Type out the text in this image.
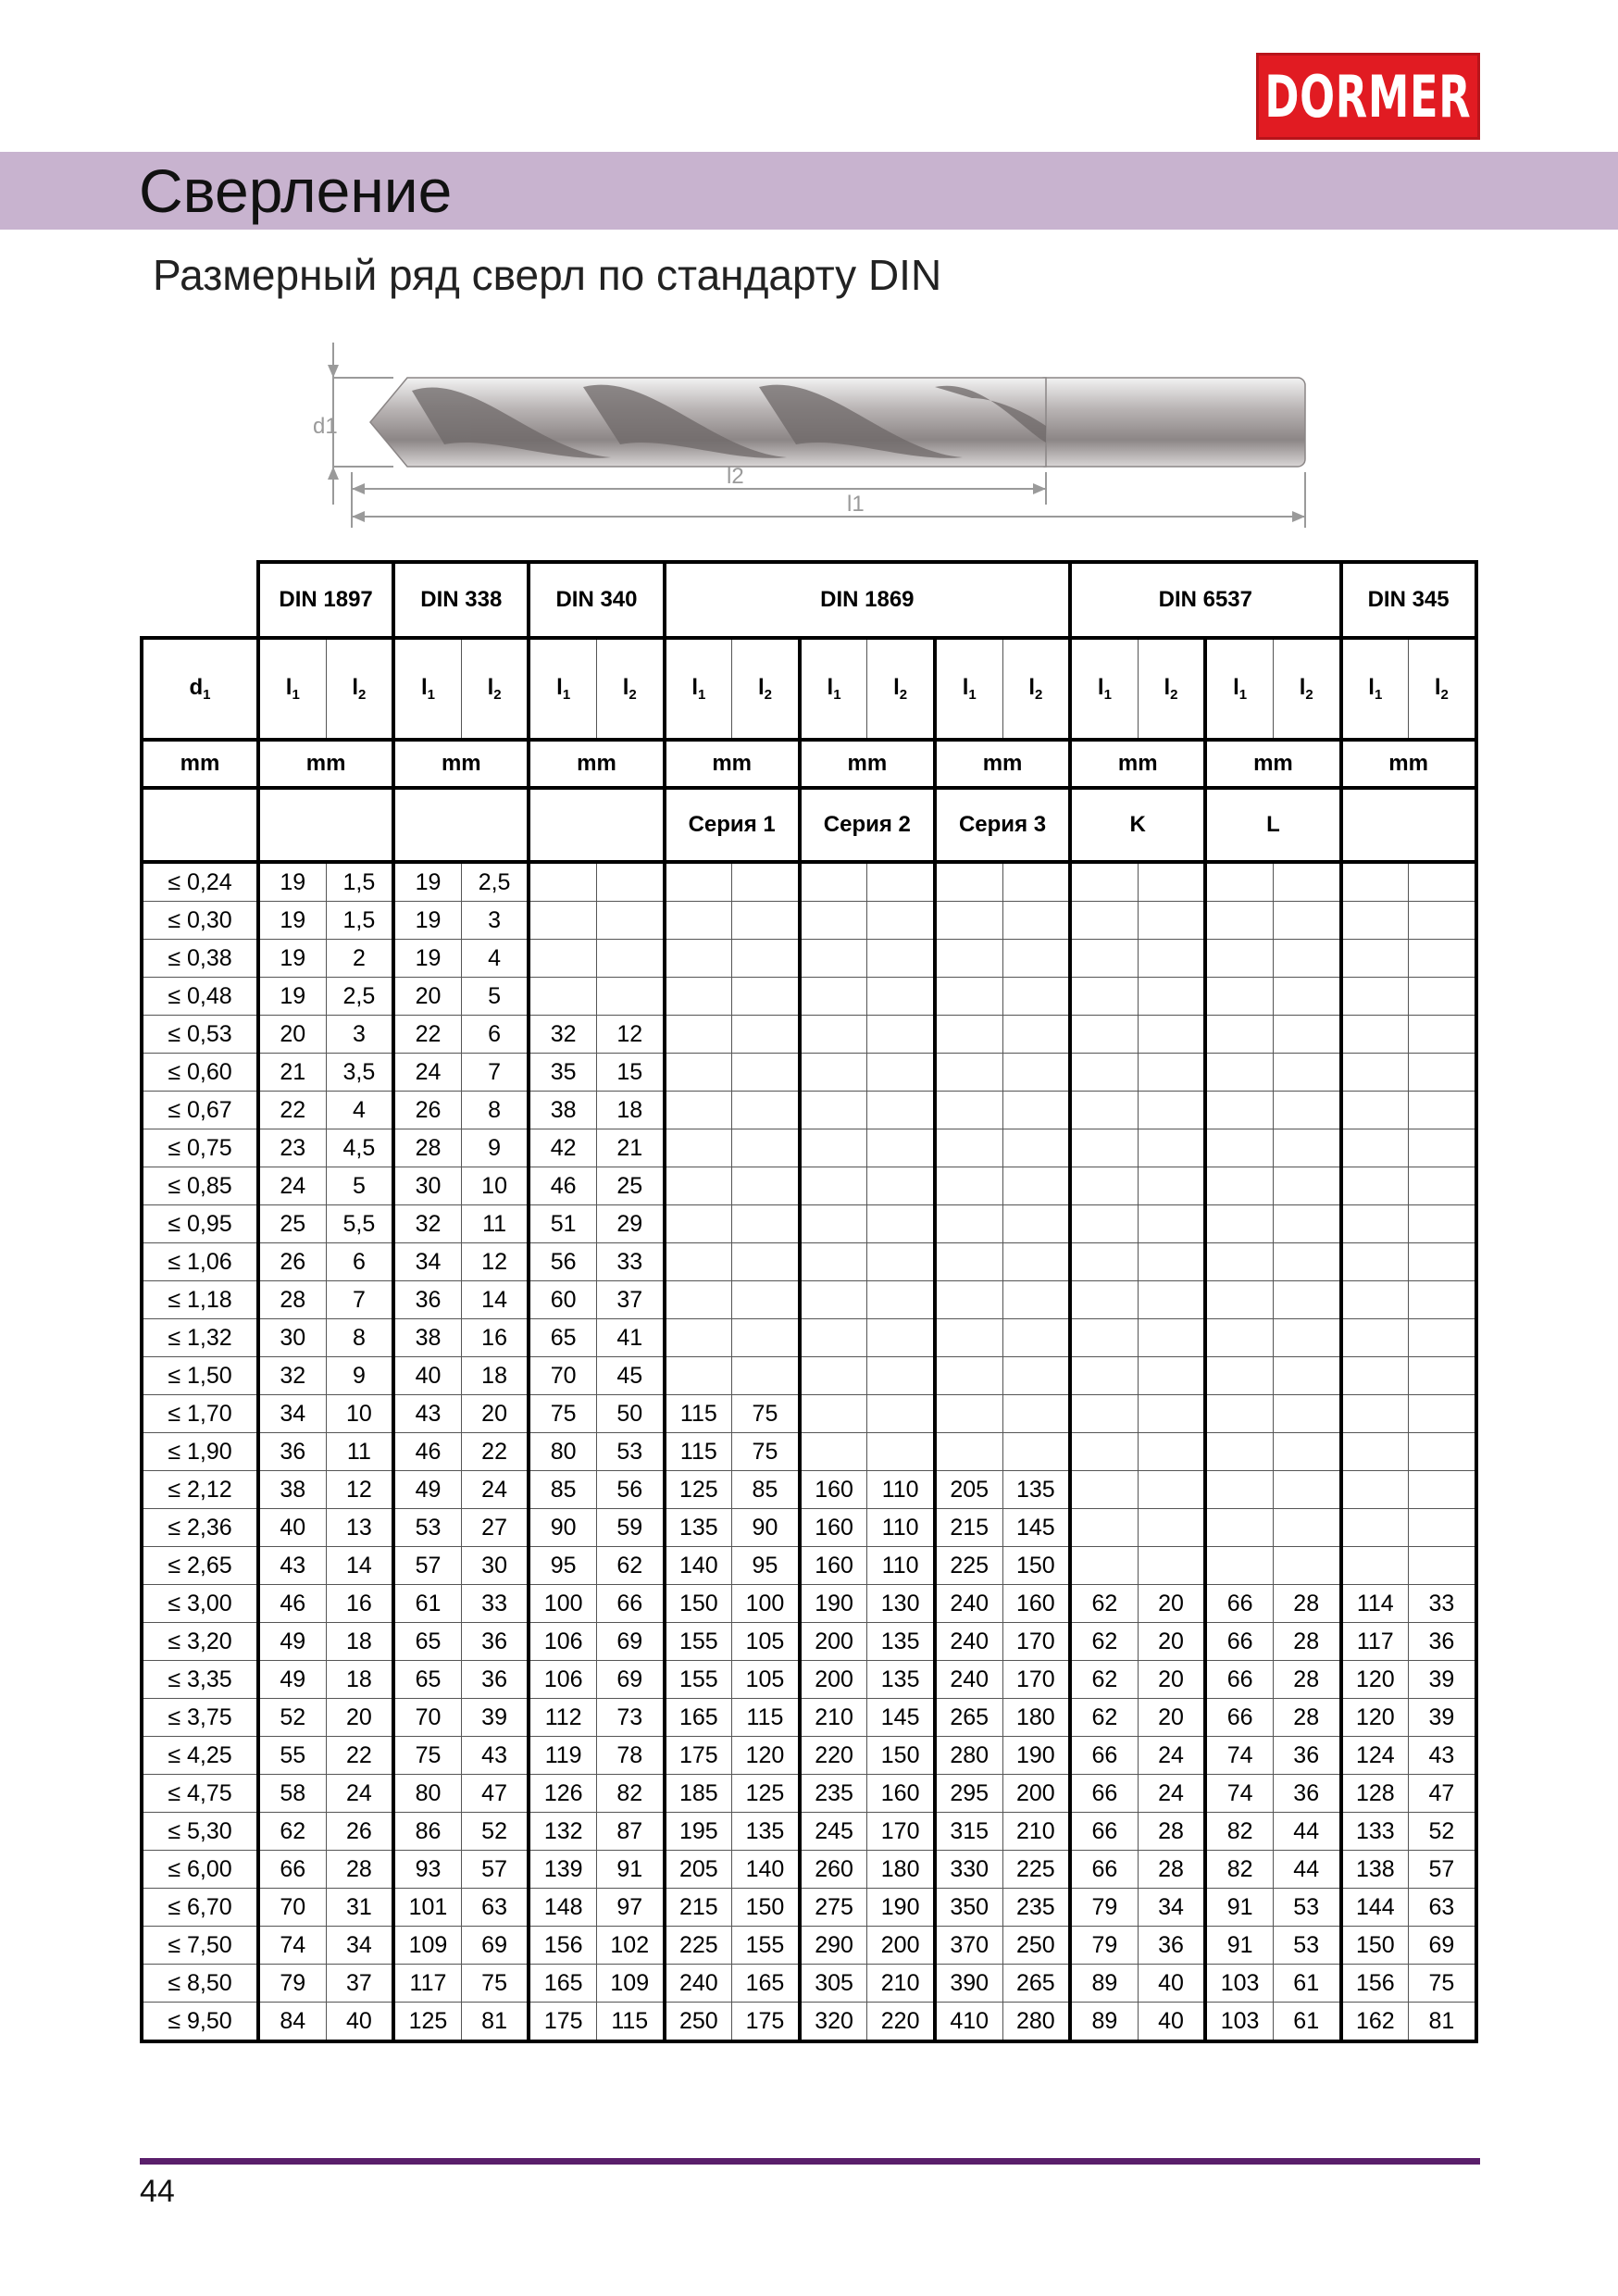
DORMER
Сверление
Размерный ряд сверл по стандарту DIN
d1
l2
l1
	DIN 1897		DIN 338		DIN 340		DIN 1869						DIN 6537				DIN 345	
$d_1$	$l_1$	$l_2$	$l_1$	$l_2$	$l_1$	$l_2$	$l_1$	$l_2$	$l_1$	$l_2$	$l_1$	$l_2$	$l_1$	$l_2$	$l_1$	$l_2$	$l_1$	$l_2$
mm	mm		mm		mm		mm		mm		mm		mm		mm		mm	
							Серия 1		Серия 2		Серия 3		K		L			
≤ 0,24	19	1,5	19	2,5														
≤ 0,30	19	1,5	19	3														
≤ 0,38	19	2	19	4														
≤ 0,48	19	2,5	20	5														
≤ 0,53	20	3	22	6	32	12												
≤ 0,60	21	3,5	24	7	35	15												
≤ 0,67	22	4	26	8	38	18												
≤ 0,75	23	4,5	28	9	42	21												
≤ 0,85	24	5	30	10	46	25												
≤ 0,95	25	5,5	32	11	51	29												
≤ 1,06	26	6	34	12	56	33												
≤ 1,18	28	7	36	14	60	37												
≤ 1,32	30	8	38	16	65	41												
≤ 1,50	32	9	40	18	70	45												
≤ 1,70	34	10	43	20	75	50	115	75										
≤ 1,90	36	11	46	22	80	53	115	75										
≤ 2,12	38	12	49	24	85	56	125	85	160	110	205	135						
≤ 2,36	40	13	53	27	90	59	135	90	160	110	215	145						
≤ 2,65	43	14	57	30	95	62	140	95	160	110	225	150						
≤ 3,00	46	16	61	33	100	66	150	100	190	130	240	160	62	20	66	28	114	33
≤ 3,20	49	18	65	36	106	69	155	105	200	135	240	170	62	20	66	28	117	36
≤ 3,35	49	18	65	36	106	69	155	105	200	135	240	170	62	20	66	28	120	39
≤ 3,75	52	20	70	39	112	73	165	115	210	145	265	180	62	20	66	28	120	39
≤ 4,25	55	22	75	43	119	78	175	120	220	150	280	190	66	24	74	36	124	43
≤ 4,75	58	24	80	47	126	82	185	125	235	160	295	200	66	24	74	36	128	47
≤ 5,30	62	26	86	52	132	87	195	135	245	170	315	210	66	28	82	44	133	52
≤ 6,00	66	28	93	57	139	91	205	140	260	180	330	225	66	28	82	44	138	57
≤ 6,70	70	31	101	63	148	97	215	150	275	190	350	235	79	34	91	53	144	63
≤ 7,50	74	34	109	69	156	102	225	155	290	200	370	250	79	36	91	53	150	69
≤ 8,50	79	37	117	75	165	109	240	165	305	210	390	265	89	40	103	61	156	75
≤ 9,50	84	40	125	81	175	115	250	175	320	220	410	280	89	40	103	61	162	81
44
